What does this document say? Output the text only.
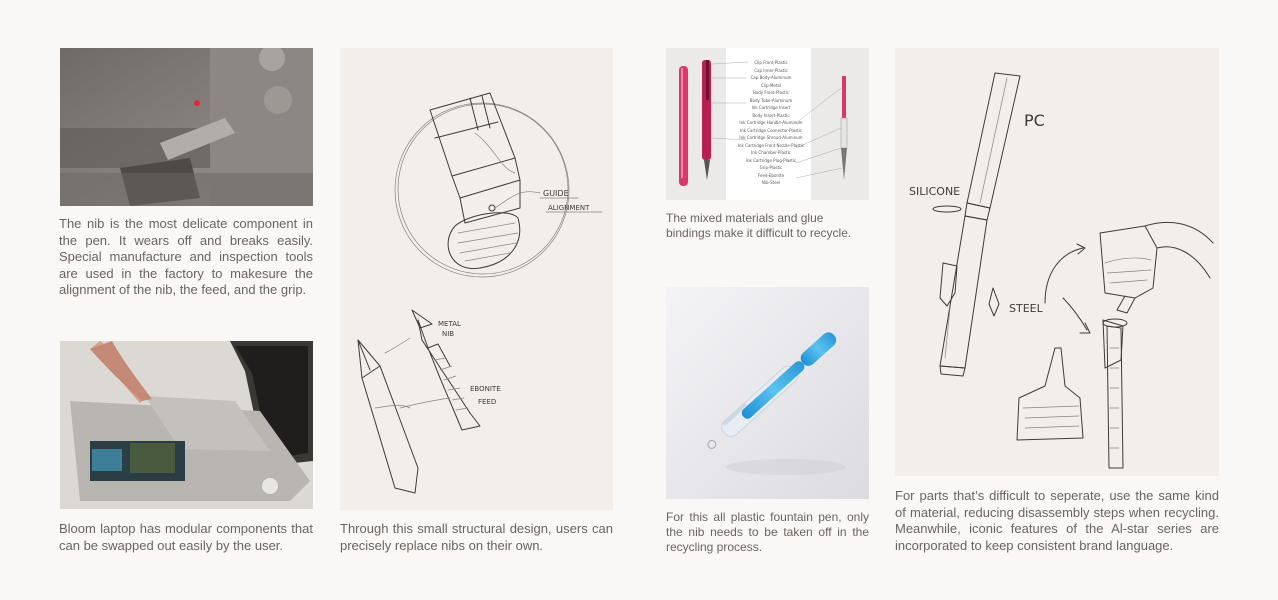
The nib is the most delicate component in the pen. It wears off and breaks easily. Special manufacture and inspection tools are used in the factory to makesure the alignment of the nib, the feed, and the grip.

Bloom laptop has modular components that can be swapped out easily by the user.

GUIDE
ALIGNMENT
METAL
NIB
EBONITE
FEED

Through this small structural design, users can precisely replace nibs on their own.

Clip Front-Plastic
Cap Inner-Plastic
Cap Body-Aluminum
Clip-Metal
Body Front-Plastic
Body Tube-Aluminum
Ink Cartridge Insert
Body Insert-Plastic
Ink Cartridge Handle-Aluminum
Ink Cartridge Connector-Plastic
Ink Cartridge Shroud-Aluminum
Ink Cartridge Front Nozzle-Plastic
Ink Chamber-Plastic
Ink Cartridge Plug-Plastic
Grip-Plastic
Feed-Ebonite
Nib-Steel

The mixed materials and glue bindings make it difficult to recycle.

For this all plastic fountain pen, only the nib needs to be taken off in the recycling process.

SILICONE
PC
STEEL

For parts that’s difficult to seperate, use the same kind of material, reducing disassembly steps when recycling. Meanwhile, iconic features of the Al-star series are incorporated to keep consistent brand language.
